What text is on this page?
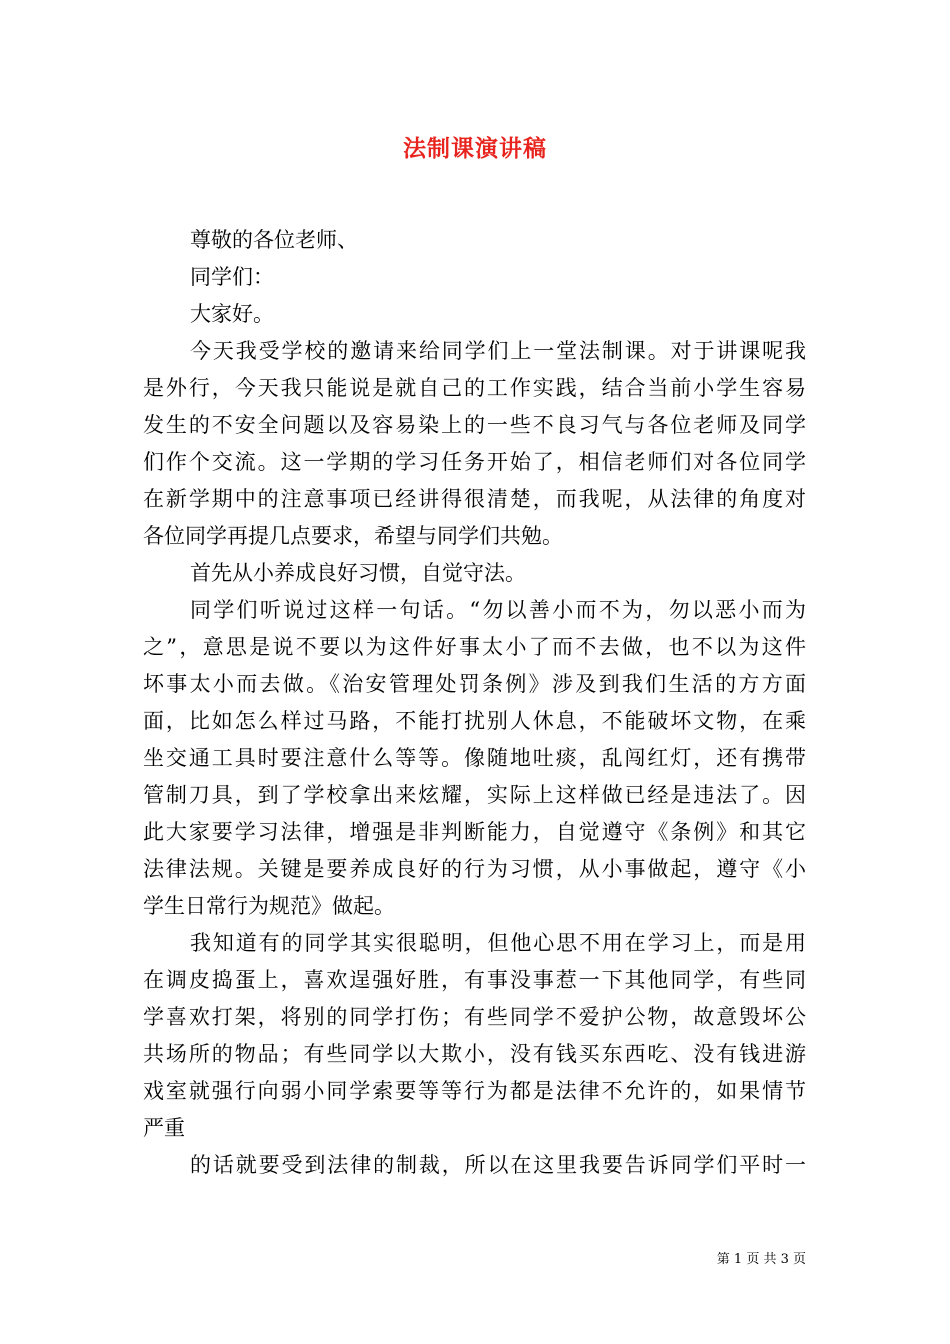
法制课演讲稿
尊敬的各位老师、
同学们：
大家好。
今天我受学校的邀请来给同学们上一堂法制课。对于讲课呢我
是外行，今天我只能说是就自己的工作实践，结合当前小学生容易
发生的不安全问题以及容易染上的一些不良习气与各位老师及同学
们作个交流。这一学期的学习任务开始了，相信老师们对各位同学
在新学期中的注意事项已经讲得很清楚，而我呢，从法律的角度对
各位同学再提几点要求，希望与同学们共勉。
首先从小养成良好习惯，自觉守法。
同学们听说过这样一句话。“勿以善小而不为，勿以恶小而为
之”，意思是说不要以为这件好事太小了而不去做，也不以为这件
坏事太小而去做。《治安管理处罚条例》涉及到我们生活的方方面
面，比如怎么样过马路，不能打扰别人休息，不能破坏文物，在乘
坐交通工具时要注意什么等等。像随地吐痰，乱闯红灯，还有携带
管制刀具，到了学校拿出来炫耀，实际上这样做已经是违法了。因
此大家要学习法律，增强是非判断能力，自觉遵守《条例》和其它
法律法规。关键是要养成良好的行为习惯，从小事做起，遵守《小
学生日常行为规范》做起。
我知道有的同学其实很聪明，但他心思不用在学习上，而是用
在调皮捣蛋上，喜欢逞强好胜，有事没事惹一下其他同学，有些同
学喜欢打架，将别的同学打伤；有些同学不爱护公物，故意毁坏公
共场所的物品；有些同学以大欺小，没有钱买东西吃、没有钱进游
戏室就强行向弱小同学索要等等行为都是法律不允许的，如果情节
严重
的话就要受到法律的制裁，所以在这里我要告诉同学们平时一
第 1 页 共 3 页
